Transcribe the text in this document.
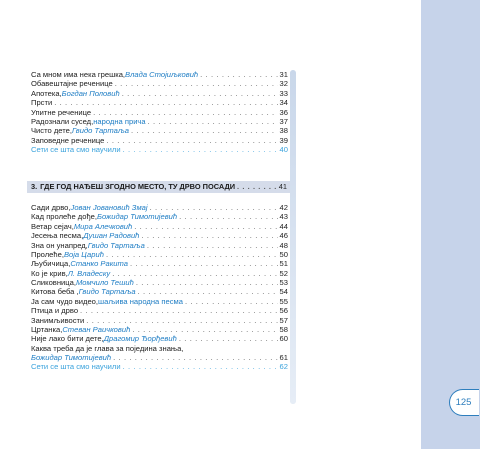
Са мном има нека грешка, Влада Стојиљковић . . .	31
Обавештајне реченице . . .	32
Апотека, Богдан Половић . . .	33
Прсти . . .	34
Упитне реченице . . .	36
Радознали сусед, народна прича . . .	37
Чисто дете, Гвидо Тартаља . . .	38
Заповедне реченице . . .	39
Сети се шта смо научили . . .	40
3. ГДЕ ГОД НАЂЕШ ЗГОДНО МЕСТО, ТУ ДРВО ПОСАДИ . . .	41
Сади дрво, Јован Јовановић Змај . . .	42
Кад пролеће дође, Божидар Тимотијевић . . .	43
Ветар сејач, Мира Алечковић . . .	44
Јесења песма, Душан Радовић . . .	46
Зна он унапред, Гвидо Тартаља . . .	48
Пролеће, Воја Царић . . .	50
Љубичица, Станко Ракита . . .	51
Ко је крив, Л. Владеску . . .	52
Сликовница, Момчило Тешић . . .	53
Китова беба , Гвидо Тартаља . . .	54
Ја сам чудо видео, шаљива народна песма . . .	55
Птица и дрво . . .	56
Занимљивости . . .	57
Цртанка, Стеван Раичковић . . .	58
Није лако бити дете, Драгомир Ђорђевић . . .	60
Каква треба да је глава за поједина знања,
Божидар Тимотијевић . . .	61
Сети се шта смо научили . . .	62
125
